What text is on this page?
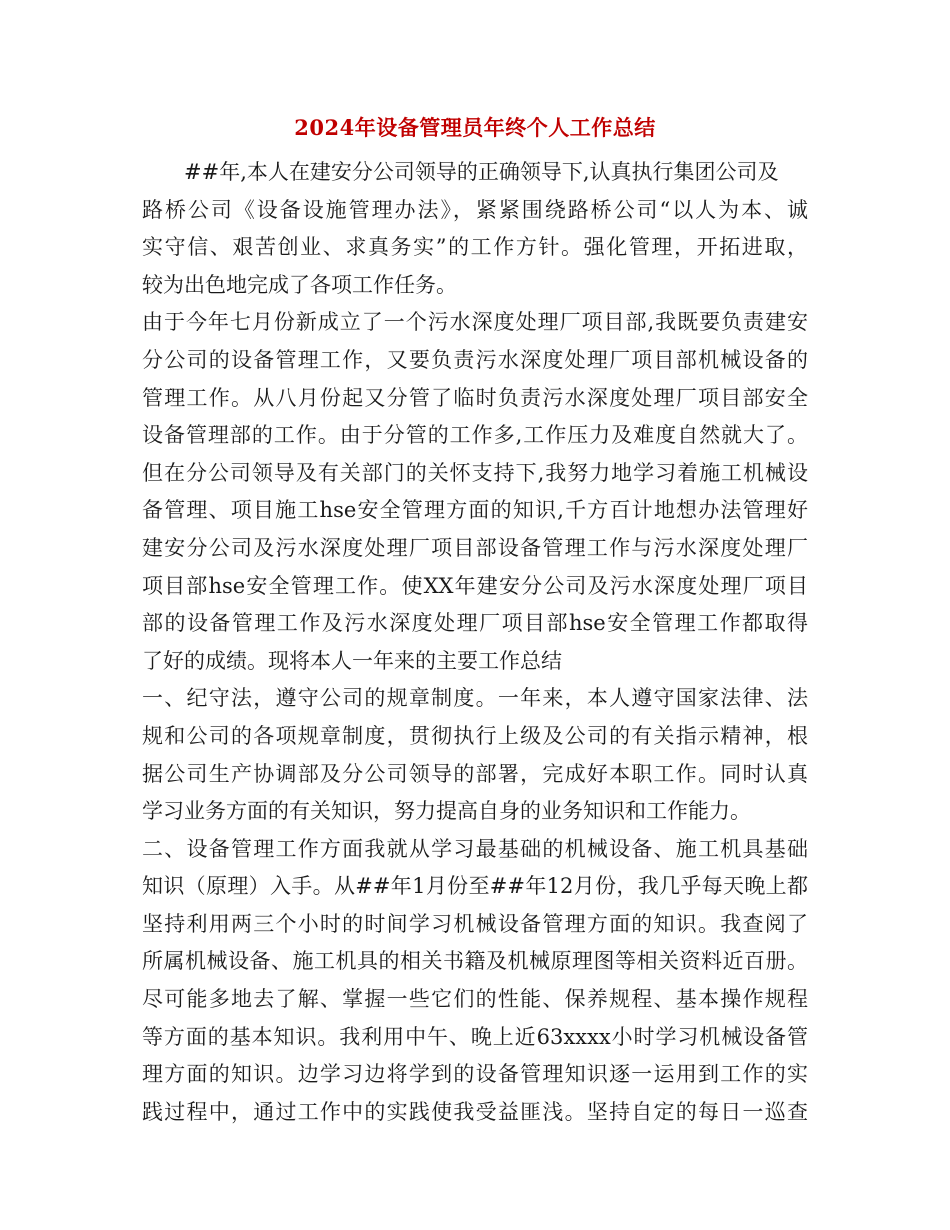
2024年设备管理员年终个人工作总结

##年,本人在建安分公司领导的正确领导下,认真执行集团公司及

路桥公司《设备设施管理办法》，紧紧围绕路桥公司“以人为本、诚

实守信、艰苦创业、求真务实”的工作方针。强化管理，开拓进取，

较为出色地完成了各项工作任务。

由于今年七月份新成立了一个污水深度处理厂项目部,我既要负责建安

分公司的设备管理工作，又要负责污水深度处理厂项目部机械设备的

管理工作。从八月份起又分管了临时负责污水深度处理厂项目部安全

设备管理部的工作。由于分管的工作多,工作压力及难度自然就大了。

但在分公司领导及有关部门的关怀支持下,我努力地学习着施工机械设

备管理、项目施工hse安全管理方面的知识,千方百计地想办法管理好

建安分公司及污水深度处理厂项目部设备管理工作与污水深度处理厂

项目部hse安全管理工作。使XX年建安分公司及污水深度处理厂项目

部的设备管理工作及污水深度处理厂项目部hse安全管理工作都取得

了好的成绩。现将本人一年来的主要工作总结

一、纪守法，遵守公司的规章制度。一年来，本人遵守国家法律、法

规和公司的各项规章制度，贯彻执行上级及公司的有关指示精神，根

据公司生产协调部及分公司领导的部署，完成好本职工作。同时认真

学习业务方面的有关知识，努力提高自身的业务知识和工作能力。

二、设备管理工作方面我就从学习最基础的机械设备、施工机具基础

知识（原理）入手。从##年1月份至##年12月份，我几乎每天晚上都

坚持利用两三个小时的时间学习机械设备管理方面的知识。我查阅了

所属机械设备、施工机具的相关书籍及机械原理图等相关资料近百册。

尽可能多地去了解、掌握一些它们的性能、保养规程、基本操作规程

等方面的基本知识。我利用中午、晚上近63xxxx小时学习机械设备管

理方面的知识。边学习边将学到的设备管理知识逐一运用到工作的实

践过程中，通过工作中的实践使我受益匪浅。坚持自定的每日一巡查
